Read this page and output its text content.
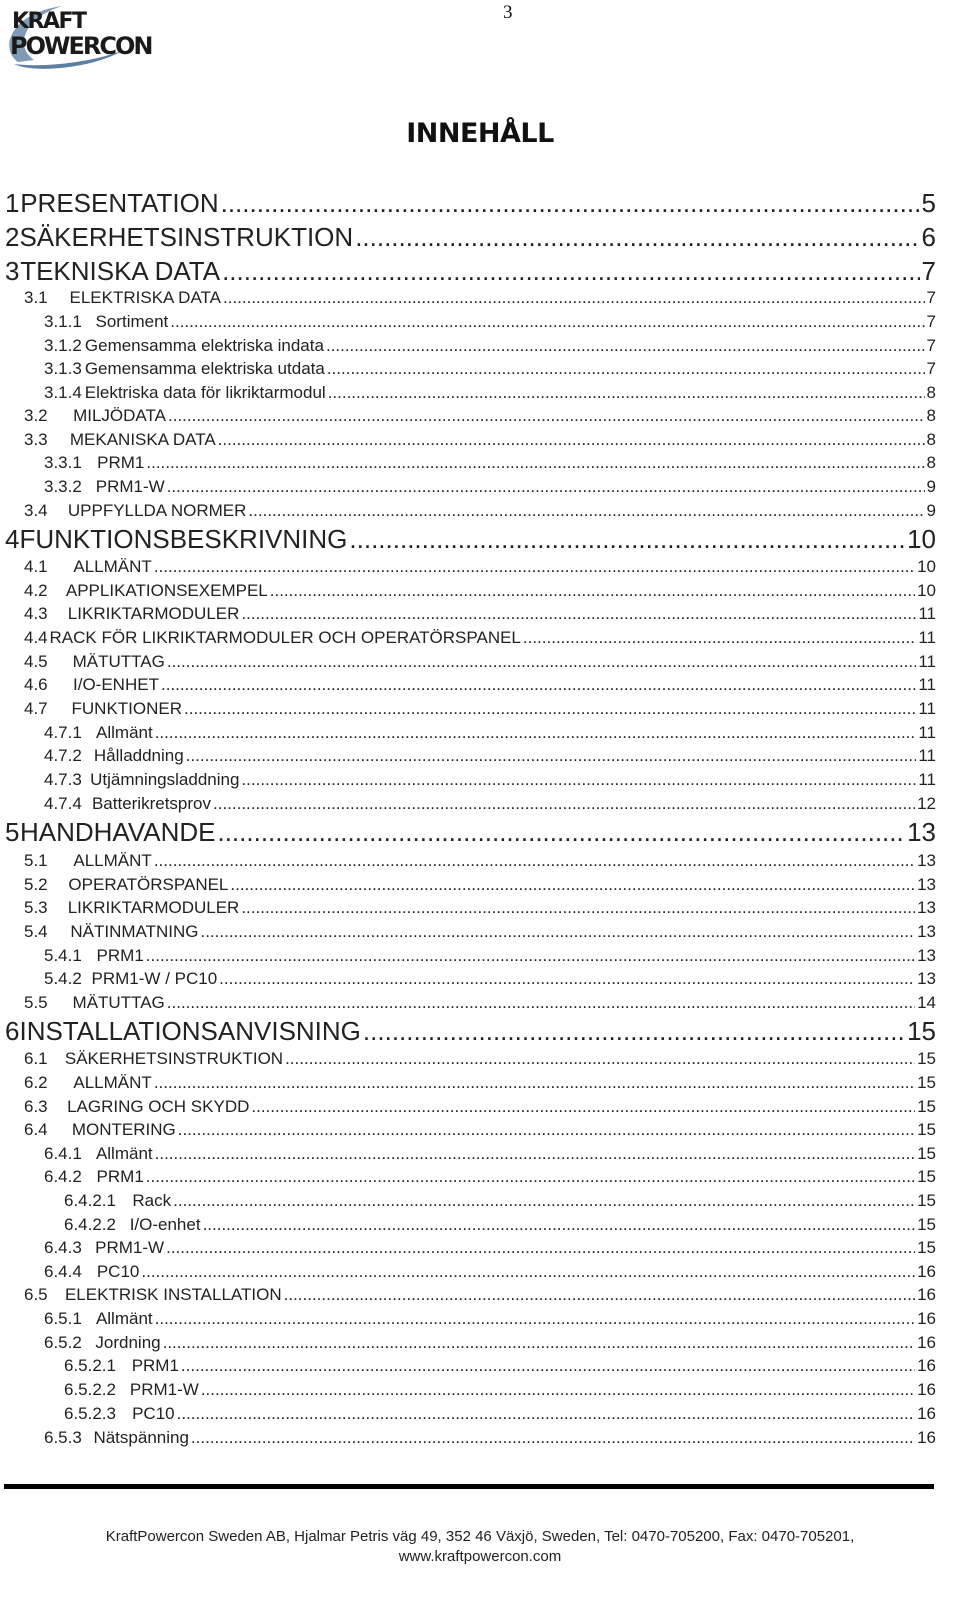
KRAFT
POWERCON
3
INNEHÅLL
1 PRESENTATION .....	5
2 SÄKERHETSINSTRUKTION .....	6
3 TEKNISKA DATA .....	7
3.1	ELEKTRISKA DATA .....	7
3.1.1 Sortiment .....	7
3.1.2 Gemensamma elektriska indata .....	7
3.1.3 Gemensamma elektriska utdata .....	7
3.1.4 Elektriska data för likriktarmodul .....	8
3.2	MILJÖDATA .....	8
3.3	MEKANISKA DATA .....	8
3.3.1 PRM1 .....	8
3.3.2 PRM1-W .....	9
3.4	UPPFYLLDA NORMER .....	9
4 FUNKTIONSBESKRIVNING .....	10
4.1	ALLMÄNT .....	10
4.2	APPLIKATIONSEXEMPEL .....	10
4.3	LIKRIKTARMODULER .....	11
4.4 RACK FÖR LIKRIKTARMODULER OCH OPERATÖRSPANEL .....	11
4.5	MÄTUTTAG .....	11
4.6	I/O-ENHET .....	11
4.7	FUNKTIONER .....	11
4.7.1 Allmänt .....	11
4.7.2 Hålladdning .....	11
4.7.3 Utjämningsladdning .....	11
4.7.4 Batterikretsprov .....	12
5 HANDHAVANDE .....	13
5.1	ALLMÄNT .....	13
5.2	OPERATÖRSPANEL .....	13
5.3	LIKRIKTARMODULER .....	13
5.4	NÄTINMATNING .....	13
5.4.1 PRM1 .....	13
5.4.2 PRM1-W / PC10 .....	13
5.5	MÄTUTTAG .....	14
6 INSTALLATIONSANVISNING .....	15
6.1	SÄKERHETSINSTRUKTION .....	15
6.2	ALLMÄNT .....	15
6.3	LAGRING OCH SKYDD .....	15
6.4	MONTERING .....	15
6.4.1 Allmänt .....	15
6.4.2 PRM1 .....	15
6.4.2.1 Rack .....	15
6.4.2.2 I/O-enhet .....	15
6.4.3 PRM1-W .....	15
6.4.4 PC10 .....	16
6.5	ELEKTRISK INSTALLATION .....	16
6.5.1 Allmänt .....	16
6.5.2 Jordning .....	16
6.5.2.1 PRM1 .....	16
6.5.2.2 PRM1-W .....	16
6.5.2.3 PC10 .....	16
6.5.3 Nätspänning .....	16
KraftPowercon Sweden AB, Hjalmar Petris väg 49, 352 46 Växjö, Sweden, Tel: 0470-705200, Fax: 0470-705201,
www.kraftpowercon.com
